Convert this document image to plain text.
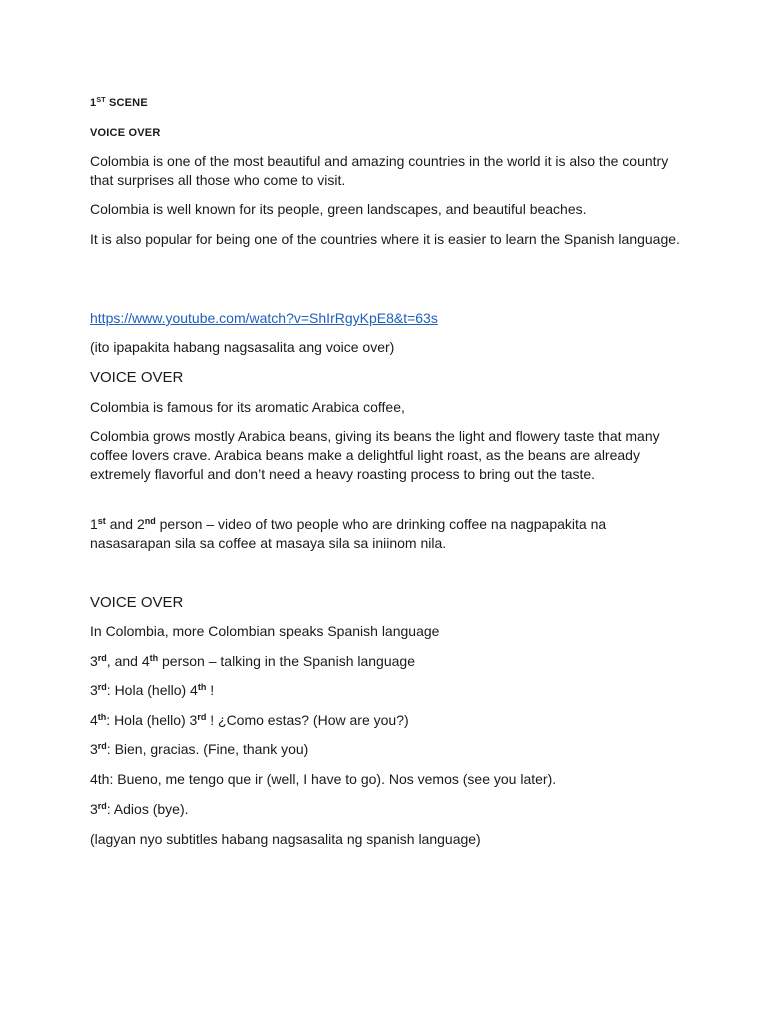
1ST SCENE
VOICE OVER

Colombia is one of the most beautiful and amazing countries in the world it is also the country that surprises all those who come to visit.

Colombia is well known for its people, green landscapes, and beautiful beaches.

It is also popular for being one of the countries where it is easier to learn the Spanish language.

https://www.youtube.com/watch?v=ShIrRgyKpE8&t=63s

(ito ipapakita habang nagsasalita ang voice over)

VOICE OVER

Colombia is famous for its aromatic Arabica coffee,

Colombia grows mostly Arabica beans, giving its beans the light and flowery taste that many coffee lovers crave. Arabica beans make a delightful light roast, as the beans are already extremely flavorful and don’t need a heavy roasting process to bring out the taste.

1st and 2nd person – video of two people who are drinking coffee na nagpapakita na nasasarapan sila sa coffee at masaya sila sa iniinom nila.

VOICE OVER

In Colombia, more Colombian speaks Spanish language

3rd, and 4th person – talking in the Spanish language

3rd: Hola (hello) 4th !

4th: Hola (hello) 3rd ! ¿Como estas? (How are you?)

3rd: Bien, gracias. (Fine, thank you)

4th: Bueno, me tengo que ir (well, I have to go). Nos vemos (see you later).

3rd: Adios (bye).

(lagyan nyo subtitles habang nagsasalita ng spanish language)
